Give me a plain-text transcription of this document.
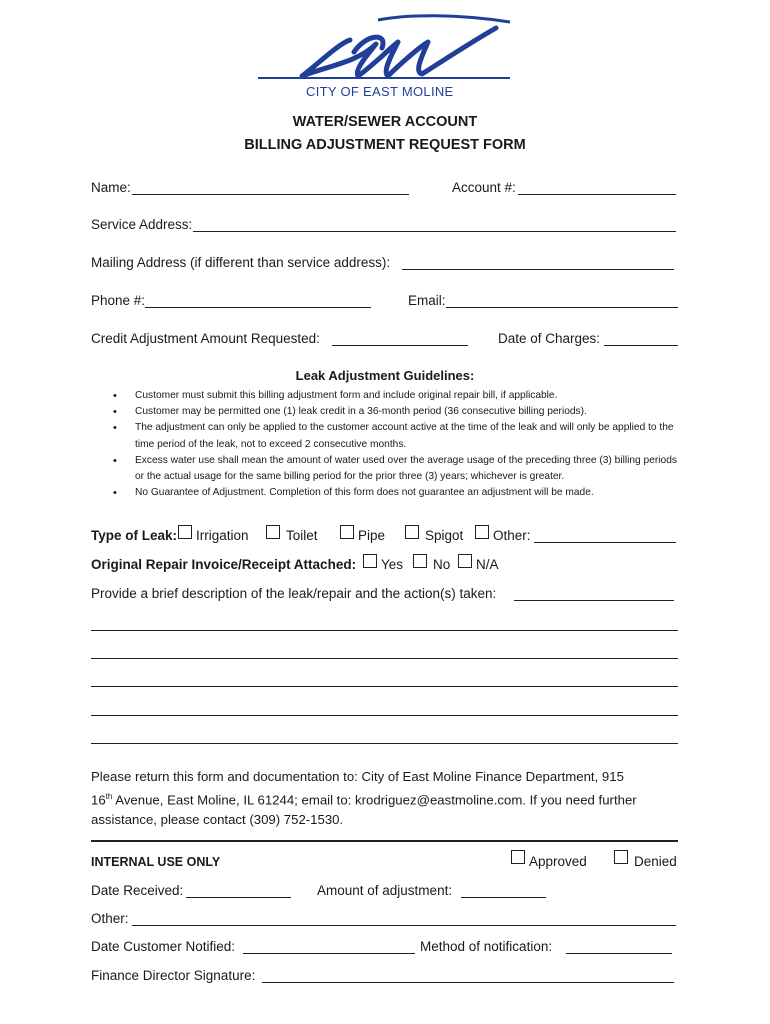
CITY OF EAST MOLINE
WATER/SEWER ACCOUNT
BILLING ADJUSTMENT REQUEST FORM
Name:	Account #:
Service Address:
Mailing Address (if different than service address):
Phone #:	Email:
Credit Adjustment Amount Requested:	Date of Charges:
Leak Adjustment Guidelines:
• Customer must submit this billing adjustment form and include original repair bill, if applicable.
• Customer may be permitted one (1) leak credit in a 36-month period (36 consecutive billing periods).
• The adjustment can only be applied to the customer account active at the time of the leak and will only be applied to the time period of the leak, not to exceed 2 consecutive months.
• Excess water use shall mean the amount of water used over the average usage of the preceding three (3) billing periods or the actual usage for the same billing period for the prior three (3) years; whichever is greater.
• No Guarantee of Adjustment. Completion of this form does not guarantee an adjustment will be made.
Type of Leak: Irrigation	Toilet	Pipe	Spigot Other:
Original Repair Invoice/Receipt Attached: Yes No N/A
Provide a brief description of the leak/repair and the action(s) taken:
Please return this form and documentation to: City of East Moline Finance Department, 915
16th Avenue, East Moline, IL 61244; email to: krodriguez@eastmoline.com. If you need further
assistance, please contact (309) 752-1530.
INTERNAL USE ONLY	Approved	Denied
Date Received:	Amount of adjustment:
Other:
Date Customer Notified:	Method of notification:
Finance Director Signature:
